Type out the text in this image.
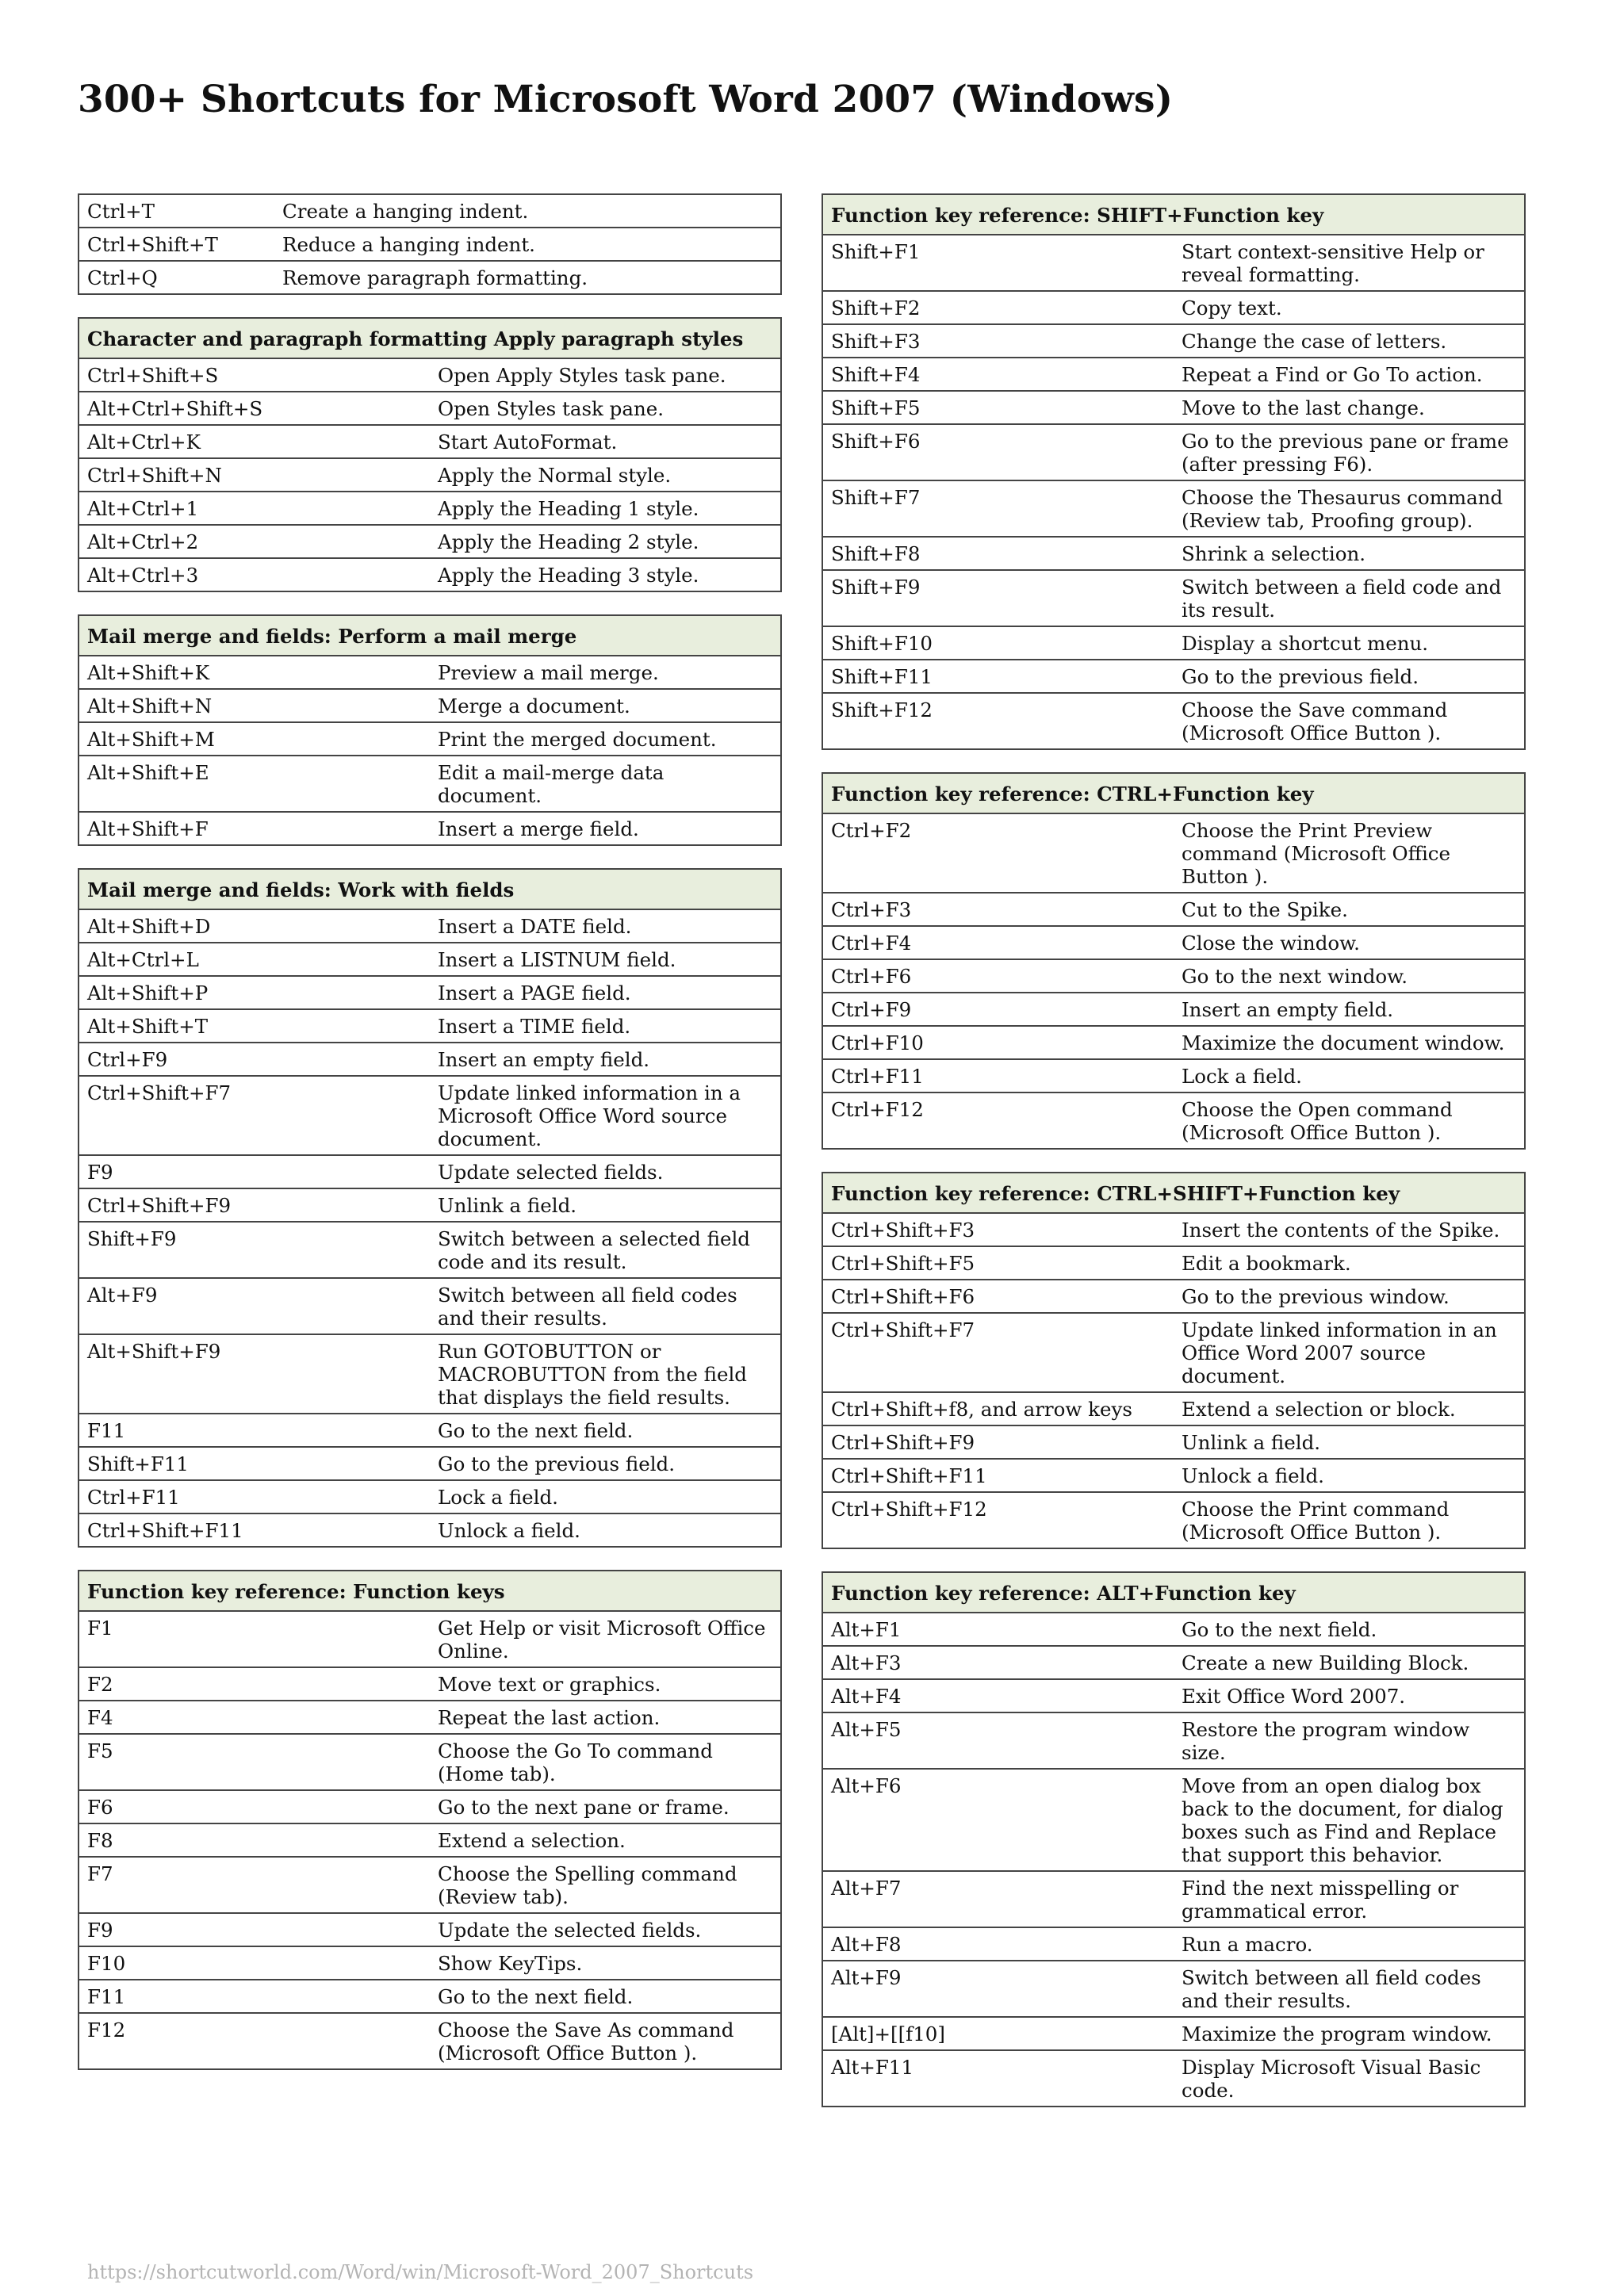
300+ Shortcuts for Microsoft Word 2007 (Windows)
Ctrl+T	Create a hanging indent.
Ctrl+Shift+T	Reduce a hanging indent.
Ctrl+Q	Remove paragraph formatting.
Character and paragraph formatting Apply paragraph styles	
Ctrl+Shift+S	Open Apply Styles task pane.
Alt+Ctrl+Shift+S	Open Styles task pane.
Alt+Ctrl+K	Start AutoFormat.
Ctrl+Shift+N	Apply the Normal style.
Alt+Ctrl+1	Apply the Heading 1 style.
Alt+Ctrl+2	Apply the Heading 2 style.
Alt+Ctrl+3	Apply the Heading 3 style.
Mail merge and fields: Perform a mail merge	
Alt+Shift+K	Preview a mail merge.
Alt+Shift+N	Merge a document.
Alt+Shift+M	Print the merged document.
Alt+Shift+E	Edit a mail-merge data document.
Alt+Shift+F	Insert a merge field.
Mail merge and fields: Work with fields	
Alt+Shift+D	Insert a DATE field.
Alt+Ctrl+L	Insert a LISTNUM field.
Alt+Shift+P	Insert a PAGE field.
Alt+Shift+T	Insert a TIME field.
Ctrl+F9	Insert an empty field.
Ctrl+Shift+F7	Update linked information in a Microsoft Office Word source document.
F9	Update selected fields.
Ctrl+Shift+F9	Unlink a field.
Shift+F9	Switch between a selected field code and its result.
Alt+F9	Switch between all field codes and their results.
Alt+Shift+F9	Run GOTOBUTTON or MACROBUTTON from the field that displays the field results.
F11	Go to the next field.
Shift+F11	Go to the previous field.
Ctrl+F11	Lock a field.
Ctrl+Shift+F11	Unlock a field.
Function key reference: Function keys	
F1	Get Help or visit Microsoft Office Online.
F2	Move text or graphics.
F4	Repeat the last action.
F5	Choose the Go To command (Home tab).
F6	Go to the next pane or frame.
F8	Extend a selection.
F7	Choose the Spelling command (Review tab).
F9	Update the selected fields.
F10	Show KeyTips.
F11	Go to the next field.
F12	Choose the Save As command (Microsoft Office Button ).
Function key reference: SHIFT+Function key	
Shift+F1	Start context-sensitive Help or reveal formatting.
Shift+F2	Copy text.
Shift+F3	Change the case of letters.
Shift+F4	Repeat a Find or Go To action.
Shift+F5	Move to the last change.
Shift+F6	Go to the previous pane or frame (after pressing F6).
Shift+F7	Choose the Thesaurus command (Review tab, Proofing group).
Shift+F8	Shrink a selection.
Shift+F9	Switch between a field code and its result.
Shift+F10	Display a shortcut menu.
Shift+F11	Go to the previous field.
Shift+F12	Choose the Save command (Microsoft Office Button ).
Function key reference: CTRL+Function key	
Ctrl+F2	Choose the Print Preview command (Microsoft Office Button ).
Ctrl+F3	Cut to the Spike.
Ctrl+F4	Close the window.
Ctrl+F6	Go to the next window.
Ctrl+F9	Insert an empty field.
Ctrl+F10	Maximize the document window.
Ctrl+F11	Lock a field.
Ctrl+F12	Choose the Open command (Microsoft Office Button ).
Function key reference: CTRL+SHIFT+Function key	
Ctrl+Shift+F3	Insert the contents of the Spike.
Ctrl+Shift+F5	Edit a bookmark.
Ctrl+Shift+F6	Go to the previous window.
Ctrl+Shift+F7	Update linked information in an Office Word 2007 source document.
Ctrl+Shift+f8, and arrow keys	Extend a selection or block.
Ctrl+Shift+F9	Unlink a field.
Ctrl+Shift+F11	Unlock a field.
Ctrl+Shift+F12	Choose the Print command (Microsoft Office Button ).
Function key reference: ALT+Function key	
Alt+F1	Go to the next field.
Alt+F3	Create a new Building Block.
Alt+F4	Exit Office Word 2007.
Alt+F5	Restore the program window size.
Alt+F6	Move from an open dialog box back to the document, for dialog boxes such as Find and Replace that support this behavior.
Alt+F7	Find the next misspelling or grammatical error.
Alt+F8	Run a macro.
Alt+F9	Switch between all field codes and their results.
[Alt]+[[f10]	Maximize the program window.
Alt+F11	Display Microsoft Visual Basic code.
https://shortcutworld.com/Word/win/Microsoft-Word_2007_Shortcuts
